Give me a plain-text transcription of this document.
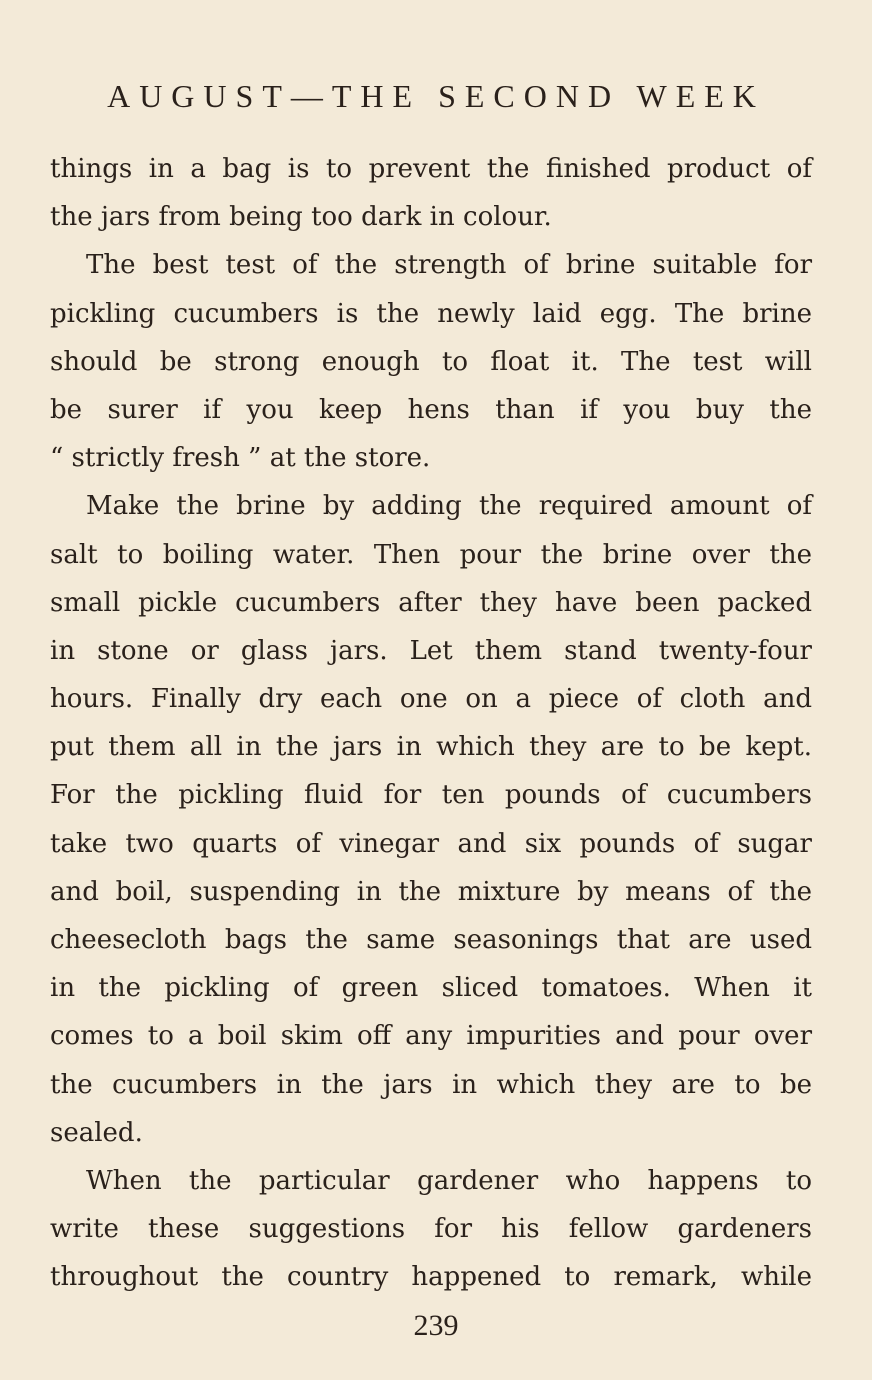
AUGUST—THE SECOND WEEK
things in a bag is to prevent the finished product of
the jars from being too dark in colour.
The best test of the strength of brine suitable for
pickling cucumbers is the newly laid egg. The brine
should be strong enough to float it. The test will
be surer if you keep hens than if you buy the
“ strictly fresh ” at the store.
Make the brine by adding the required amount of
salt to boiling water. Then pour the brine over the
small pickle cucumbers after they have been packed
in stone or glass jars. Let them stand twenty-four
hours. Finally dry each one on a piece of cloth and
put them all in the jars in which they are to be kept.
For the pickling fluid for ten pounds of cucumbers
take two quarts of vinegar and six pounds of sugar
and boil, suspending in the mixture by means of the
cheesecloth bags the same seasonings that are used
in the pickling of green sliced tomatoes. When it
comes to a boil skim off any impurities and pour over
the cucumbers in the jars in which they are to be
sealed.
When the particular gardener who happens to
write these suggestions for his fellow gardeners
throughout the country happened to remark, while
239
